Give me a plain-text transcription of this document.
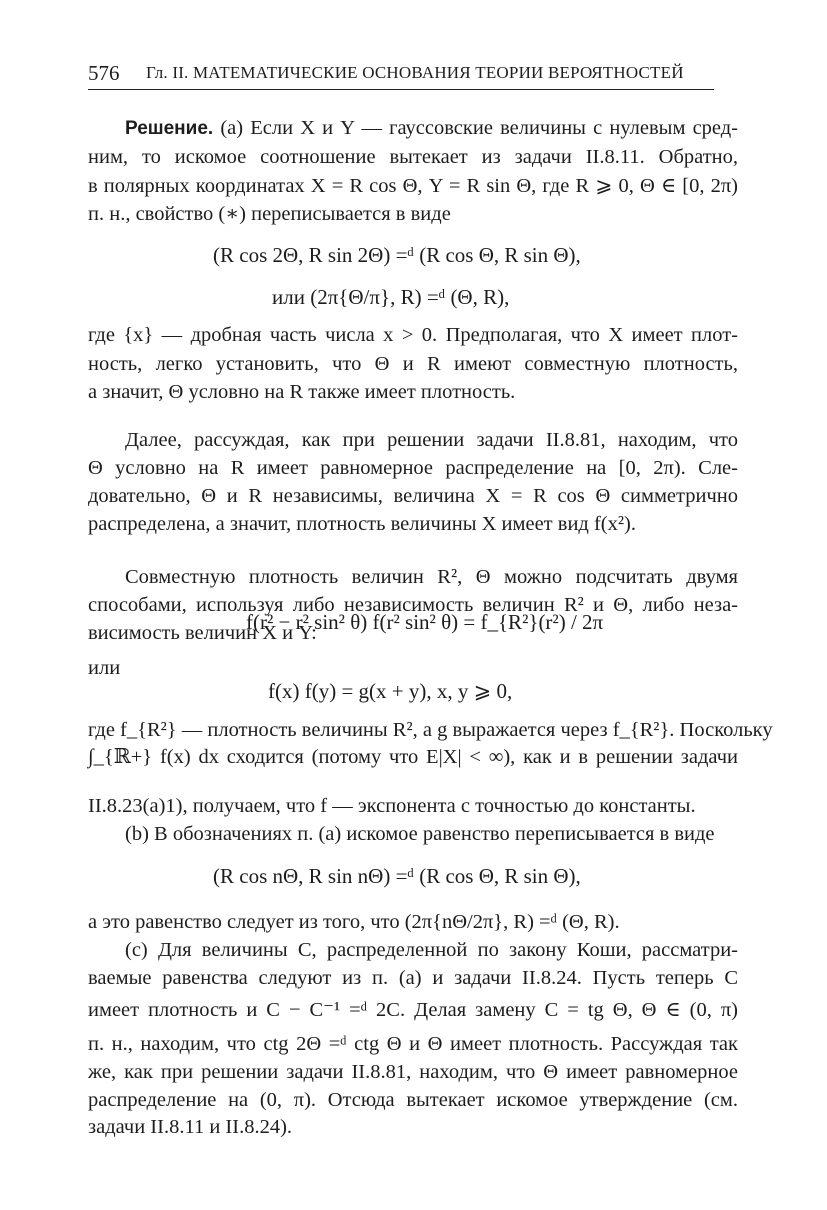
576 Гл. II. МАТЕМАТИЧЕСКИЕ ОСНОВАНИЯ ТЕОРИИ ВЕРОЯТНОСТЕЙ
Решение. (a) Если X и Y — гауссовские величины с нулевым сред-
ним, то искомое соотношение вытекает из задачи II.8.11. Обратно,
в полярных координатах X = R cos Θ, Y = R sin Θ, где R ⩾ 0, Θ ∈ [0, 2π)
п. н., свойство (∗) переписывается в виде
(R cos 2Θ, R sin 2Θ) =ᵈ (R cos Θ, R sin Θ),
или (2π{Θ/π}, R) =ᵈ (Θ, R),
где {x} — дробная часть числа x > 0. Предполагая, что X имеет плот-
ность, легко установить, что Θ и R имеют совместную плотность,
а значит, Θ условно на R также имеет плотность.
Далее, рассуждая, как при решении задачи II.8.81, находим, что
Θ условно на R имеет равномерное распределение на [0, 2π). Сле-
довательно, Θ и R независимы, величина X = R cos Θ симметрично
распределена, а значит, плотность величины X имеет вид f(x²).
Совместную плотность величин R², Θ можно подсчитать двумя
способами, используя либо независимость величин R² и Θ, либо неза-
висимость величин X и Y:
f(r² − r² sin² θ) f(r² sin² θ) = f_{R²}(r²) / 2π
или
f(x) f(y) = g(x + y), x, y ⩾ 0,
где f_{R²} — плотность величины R², а g выражается через f_{R²}. Поскольку
∫_{ℝ+} f(x) dx сходится (потому что E|X| < ∞), как и в решении задачи
II.8.23(a)1), получаем, что f — экспонента с точностью до константы.
(b) В обозначениях п. (a) искомое равенство переписывается в виде
(R cos nΘ, R sin nΘ) =ᵈ (R cos Θ, R sin Θ),
а это равенство следует из того, что (2π{nΘ/2π}, R) =ᵈ (Θ, R).
(c) Для величины C, распределенной по закону Коши, рассматри-
ваемые равенства следуют из п. (a) и задачи II.8.24. Пусть теперь C
имеет плотность и C − C⁻¹ =ᵈ 2C. Делая замену C = tg Θ, Θ ∈ (0, π)
п. н., находим, что ctg 2Θ =ᵈ ctg Θ и Θ имеет плотность. Рассуждая так
же, как при решении задачи II.8.81, находим, что Θ имеет равномерное
распределение на (0, π). Отсюда вытекает искомое утверждение (см.
задачи II.8.11 и II.8.24).
